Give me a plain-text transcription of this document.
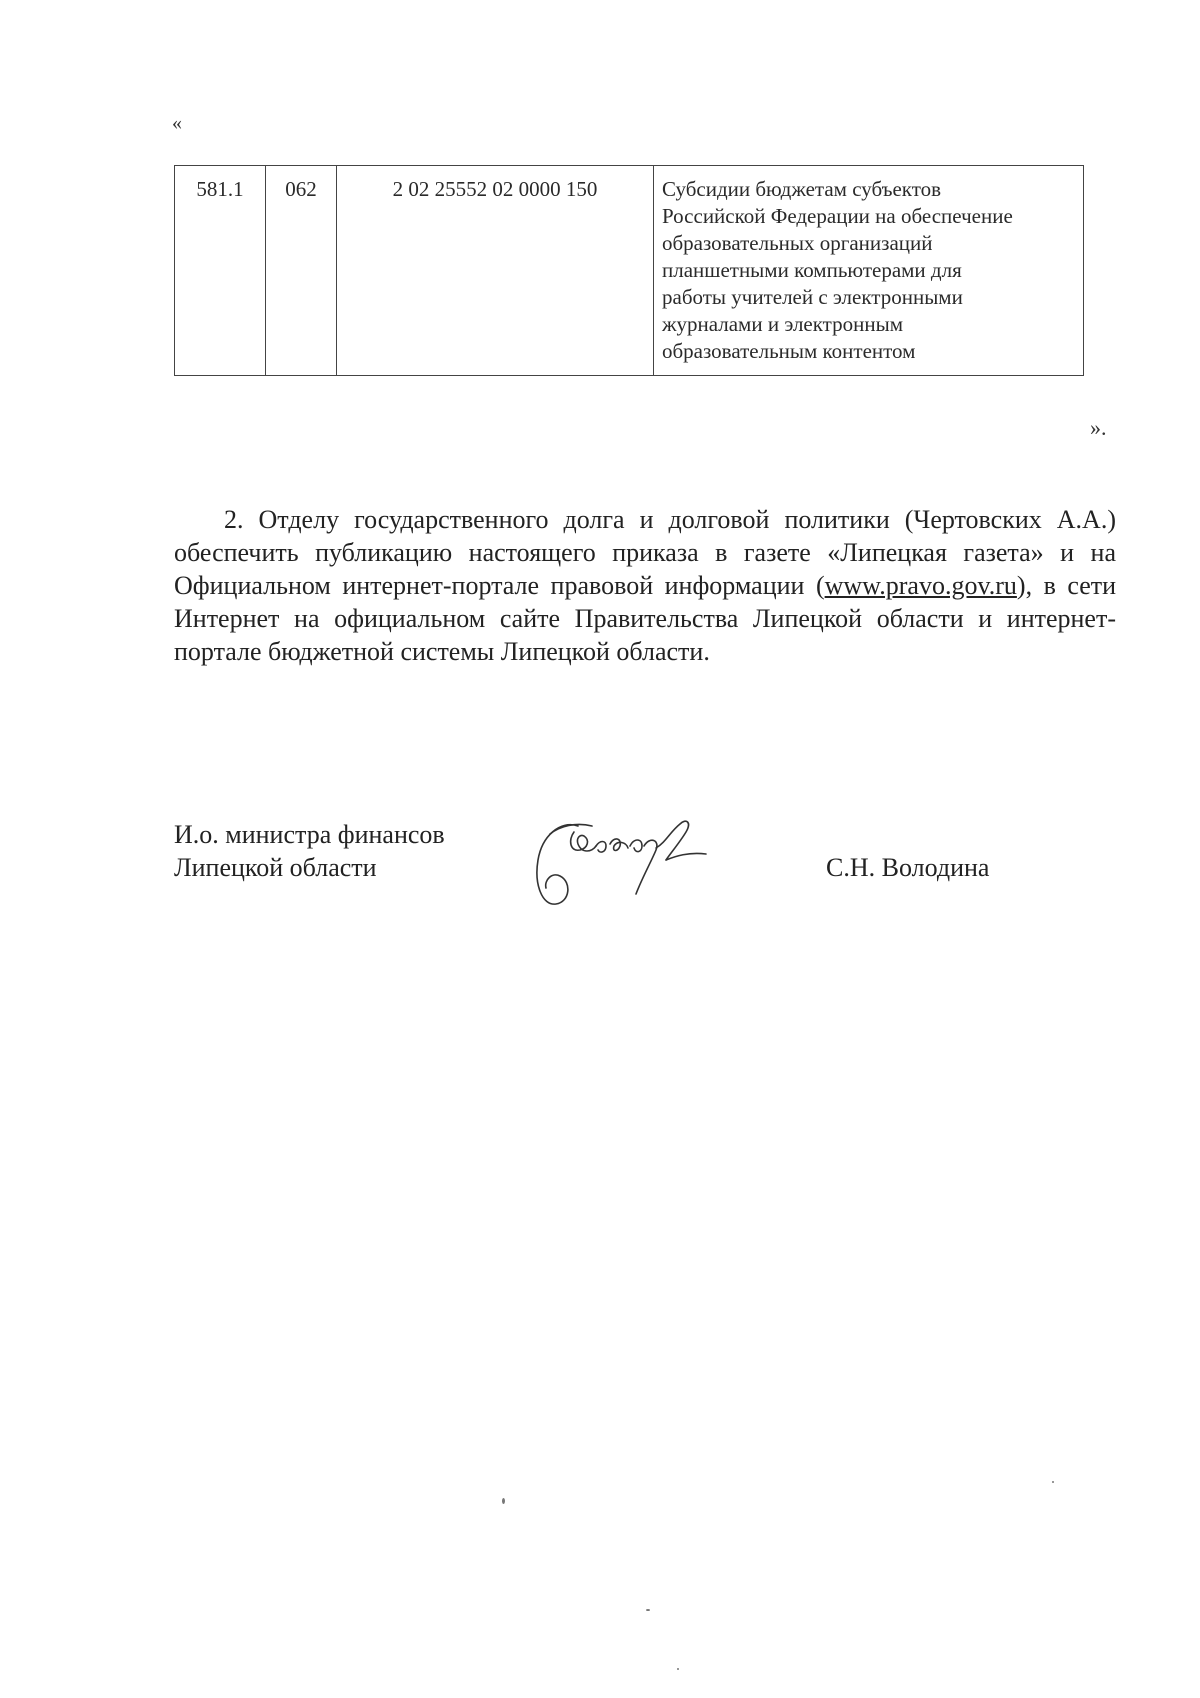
«
581.1	062	2 02 25552 02 0000 150	Субсидии бюджетам субъектов
Российской Федерации на обеспечение
образовательных организаций
планшетными компьютерами для
работы учителей с электронными
журналами и электронным
образовательным контентом
».
2. Отделу государственного долга и долговой политики (Чертовских А.А.) обеспечить публикацию настоящего приказа в газете «Липецкая газета» и на Официальном интернет-портале правовой информации (www.pravo.gov.ru), в сети Интернет на официальном сайте Правительства Липецкой области и интернет-портале бюджетной системы Липецкой области.
И.о. министра финансов
Липецкой области	С.Н. Володина
